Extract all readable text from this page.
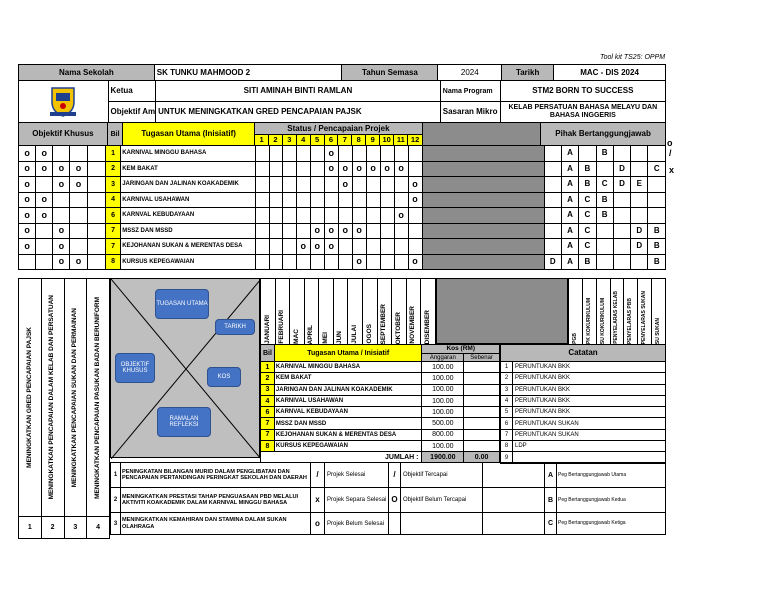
Tool kit TS25: OPPM
Nama Sekolah	SK TUNKU MAHMOOD 2	Tahun Semasa	2024	Tarikh	MAC - DIS 2024
	Ketua	SITI AMINAH BINTI RAMLAN	Nama Program	STM2 BORN TO SUCCESS
	Objektif Am	UNTUK MENINGKATKAN GRED PENCAPAIAN PAJSK	Sasaran Mikro	KELAB PERSATUAN BAHASA MELAYU DAN BAHASA INGGERIS
Objektif Khusus	Bil	Tugasan Utama (Inisiatif)	Status / Pencapaian Projek													Pihak Bertanggungjawab
			1	2	3	4	5	6	7	8	9	10	11	12			o
o	o				1	KARNIVAL MINGGU BAHASA						o									A		B			
o	o	o	o		2	KEM BAKAT						o	o	o	o	o	o				A	B		D		C
o		o	o		3	JARINGAN DAN JALINAN KOAKADEMIK							o					o			A	B	C	D	E	
o	o				4	KARNIVAL USAHAWAN												o			A	C	B			
o	o				6	KARNVAL KEBUDAYAAN											o				A	C	B			
o		o			7	MSSZ DAN MSSD					o	o	o	o							A	C			D	B
o		o			7	KEJOHANAN SUKAN & MERENTAS DESA				o	o	o									A	C			D	B
		o	o		8	KURSUS KEPEGAWAIAN								o				o		D	A	B				B
/
x
MENINGKATKAN GRED PENCAPAIAN PAJSK	MENINGKATKAN PENCAPAIAN DALAM KELAB DAN PERSATUAN	MENINGKATKAN PENCAPAIAN SUKAN DAN PERMAINAN	MENINGKATKAN PENCAPAIAN PASUKAN BADAN BERUNIFORM

1	2	3	4
TUGASAN UTAMA
TARIKH
OBJEKTIF KHUSUS
KOS
RAMALAN REFLEKSI
JANUARI	FEBRUARI	MAC	APRIL	MEI	JUN	JULAI	OGOS	SEPTEMBER	OKTOBER	NOVEMBER	DISEMBER	PGB	PK KOKURIKULUM	SU KOKURIKULUM	PENYELARAS KELAB	PENYELARAS PBB	PENYELARAS SUKAN	SU SUKAN
Bil	Tugasan Utama / Inisiatif	Kos (RM)	
		Anggaran	Sebenar
1	KARNIVAL MINGGU BAHASA	100.00	
2	KEM BAKAT	100.00	
3	JARINGAN DAN JALINAN KOAKADEMIK	100.00	
4	KARNIVAL USAHAWAN	100.00	
6	KARNVAL KEBUDAYAAN	100.00	
7	MSSZ DAN MSSD	500.00	
7	KEJOHANAN SUKAN & MERENTAS DESA	800.00	
8	KURSUS KEPEGAWAIAN	100.00	
JUMLAH :		1900.00	0.00
Catatan	
1	PERUNTUKAN BKK
2	PERUNTUKAN BKK
3	PERUNTUKAN BKK
4	PERUNTUKAN BKK
5	PERUNTUKAN BKK
6	PERUNTUKAN SUKAN
7	PERUNTUKAN SUKAN
8	LDP
9	
1	PENINGKATAN BILANGAN MURID DALAM PENGLIBATAN DAN PENCAPAIAN PERTANDINGAN PERINGKAT SEKOLAH DAN DAERAH	/	Projek Selesai	/	Objektif Tercapai		A	Peg Bertanggungjawab Utama
2	MENINGKATKAN PRESTASI TAHAP PENGUASAAN PBD MELALUI AKTIVITI KOAKADEMIK DALAM KARNIVAL MINGGU BAHASA	x	Projek Separa Selesai	O	Objektif Belum Tercapai		B	Peg Bertanggungjawab Kedua
3	MENINGKATKAN KEMAHIRAN DAN STAMINA DALAM SUKAN OLAHRAGA	o	Projek Belum Selesai				C	Peg Bertanggungjawab Ketiga
